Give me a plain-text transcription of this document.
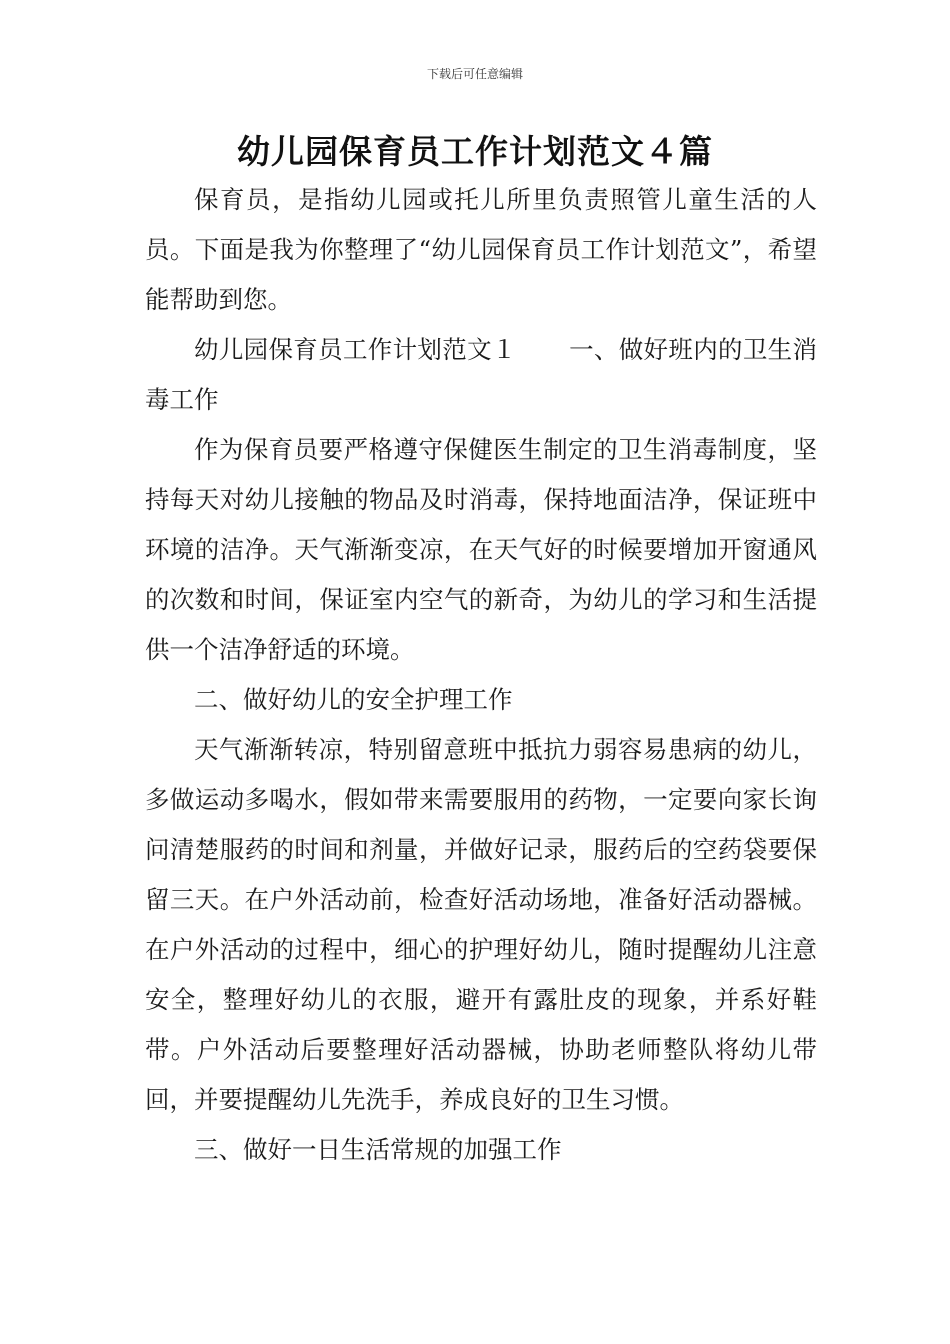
下载后可任意编辑
幼儿园保育员工作计划范文４篇

保育员，是指幼儿园或托儿所里负责照管儿童生活的人员。下面是我为你整理了“幼儿园保育员工作计划范文”，希望能帮助到您。

幼儿园保育员工作计划范文１ 一、做好班内的卫生消毒工作

作为保育员要严格遵守保健医生制定的卫生消毒制度，坚持每天对幼儿接触的物品及时消毒，保持地面洁净，保证班中环境的洁净。天气渐渐变凉，在天气好的时候要增加开窗通风的次数和时间，保证室内空气的新奇，为幼儿的学习和生活提供一个洁净舒适的环境。

二、做好幼儿的安全护理工作

天气渐渐转凉，特别留意班中抵抗力弱容易患病的幼儿，多做运动多喝水，假如带来需要服用的药物，一定要向家长询问清楚服药的时间和剂量，并做好记录，服药后的空药袋要保留三天。在户外活动前，检查好活动场地，准备好活动器械。在户外活动的过程中，细心的护理好幼儿，随时提醒幼儿注意安全，整理好幼儿的衣服，避开有露肚皮的现象，并系好鞋带。户外活动后要整理好活动器械，协助老师整队将幼儿带回，并要提醒幼儿先洗手，养成良好的卫生习惯。

三、做好一日生活常规的加强工作
